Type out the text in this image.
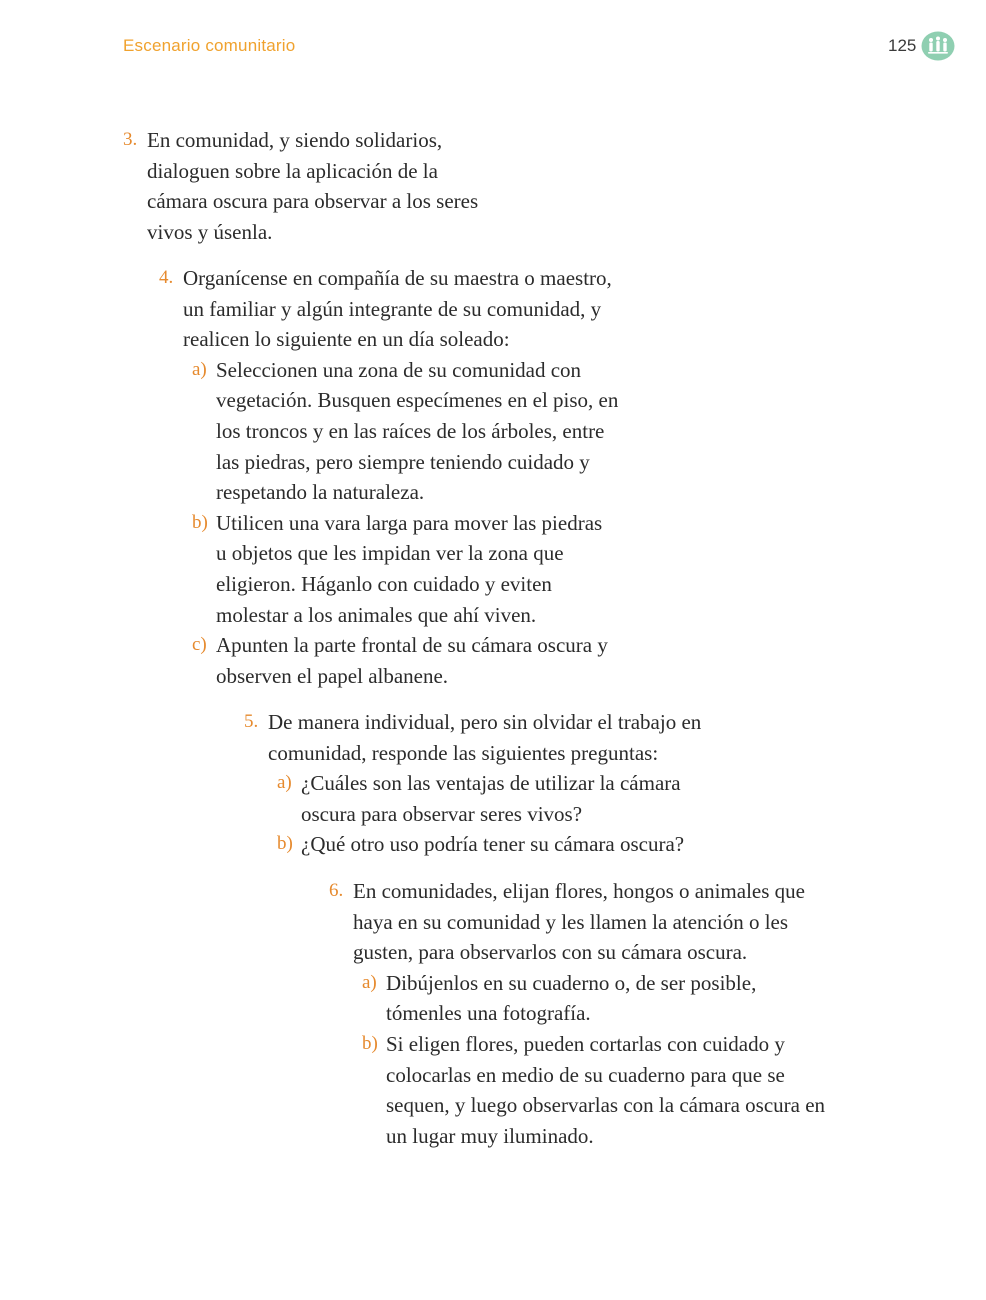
Escenario comunitario	125
3. En comunidad, y siendo solidarios,
dialoguen sobre la aplicación de la
cámara oscura para observar a los seres
vivos y úsenla.
4. Organícense en compañía de su maestra o maestro,
un familiar y algún integrante de su comunidad, y
realicen lo siguiente en un día soleado:
a) Seleccionen una zona de su comunidad con
vegetación. Busquen especímenes en el piso, en
los troncos y en las raíces de los árboles, entre
las piedras, pero siempre teniendo cuidado y
respetando la naturaleza.
b) Utilicen una vara larga para mover las piedras
u objetos que les impidan ver la zona que
eligieron. Háganlo con cuidado y eviten
molestar a los animales que ahí viven.
c) Apunten la parte frontal de su cámara oscura y
observen el papel albanene.
5. De manera individual, pero sin olvidar el trabajo en
comunidad, responde las siguientes preguntas:
a) ¿Cuáles son las ventajas de utilizar la cámara
oscura para observar seres vivos?
b) ¿Qué otro uso podría tener su cámara oscura?
6. En comunidades, elijan flores, hongos o animales que
haya en su comunidad y les llamen la atención o les
gusten, para observarlos con su cámara oscura.
a) Dibújenlos en su cuaderno o, de ser posible,
tómenles una fotografía.
b) Si eligen flores, pueden cortarlas con cuidado y
colocarlas en medio de su cuaderno para que se
sequen, y luego observarlas con la cámara oscura en
un lugar muy iluminado.
